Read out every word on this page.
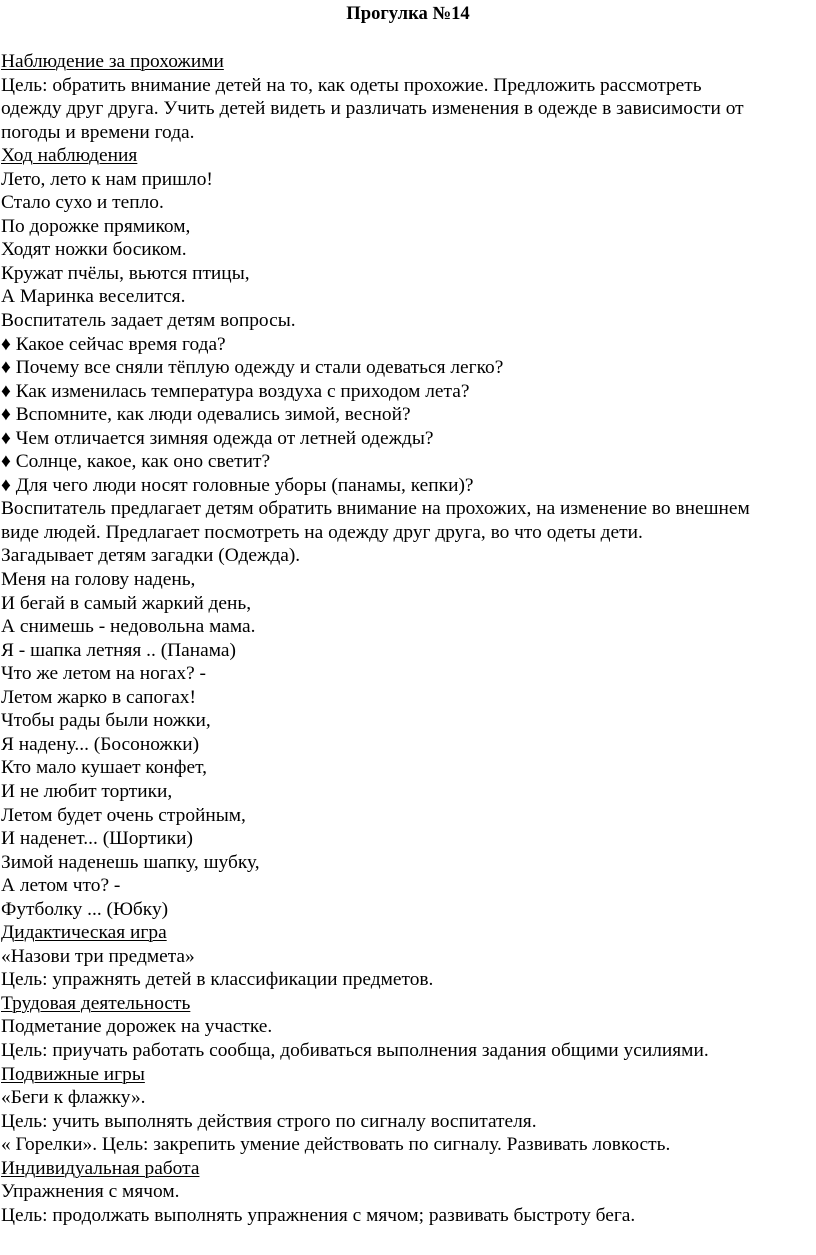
Прогулка №14
Наблюдение за прохожими
Цель: обратить внимание детей на то, как одеты прохожие. Предложить рассмотреть
одежду друг друга. Учить детей видеть и различать изменения в одежде в зависимости от
погоды и времени года.
Ход наблюдения
Лето, лето к нам пришло!
Стало сухо и тепло.
По дорожке прямиком,
Ходят ножки босиком.
Кружат пчёлы, вьются птицы,
А Маринка веселится.
Воспитатель задает детям вопросы.
♦ Какое сейчас время года?
♦ Почему все сняли тёплую одежду и стали одеваться легко?
♦ Как изменилась температура воздуха с приходом лета?
♦ Вспомните, как люди одевались зимой, весной?
♦ Чем отличается зимняя одежда от летней одежды?
♦ Солнце, какое, как оно светит?
♦ Для чего люди носят головные уборы (панамы, кепки)?
Воспитатель предлагает детям обратить внимание на прохожих, на изменение во внешнем
виде людей. Предлагает посмотреть на одежду друг друга, во что одеты дети.
Загадывает детям загадки (Одежда).
Меня на голову надень,
И бегай в самый жаркий день,
А снимешь - недовольна мама.
Я - шапка летняя .. (Панама)
Что же летом на ногах? -
Летом жарко в сапогах!
Чтобы рады были ножки,
Я надену... (Босоножки)
Кто мало кушает конфет,
И не любит тортики,
Летом будет очень стройным,
И наденет... (Шортики)
Зимой наденешь шапку, шубку,
А летом что? -
Футболку ... (Юбку)
Дидактическая игра
«Назови три предмета»
Цель: упражнять детей в классификации предметов.
Трудовая деятельность
Подметание дорожек на участке.
Цель: приучать работать сообща, добиваться выполнения задания общими усилиями.
Подвижные игры
«Беги к флажку».
Цель: учить выполнять действия строго по сигналу воспитателя.
« Горелки». Цель: закрепить умение действовать по сигналу. Развивать ловкость.
Индивидуальная работа
Упражнения с мячом.
Цель: продолжать выполнять упражнения с мячом; развивать быстроту бега.
